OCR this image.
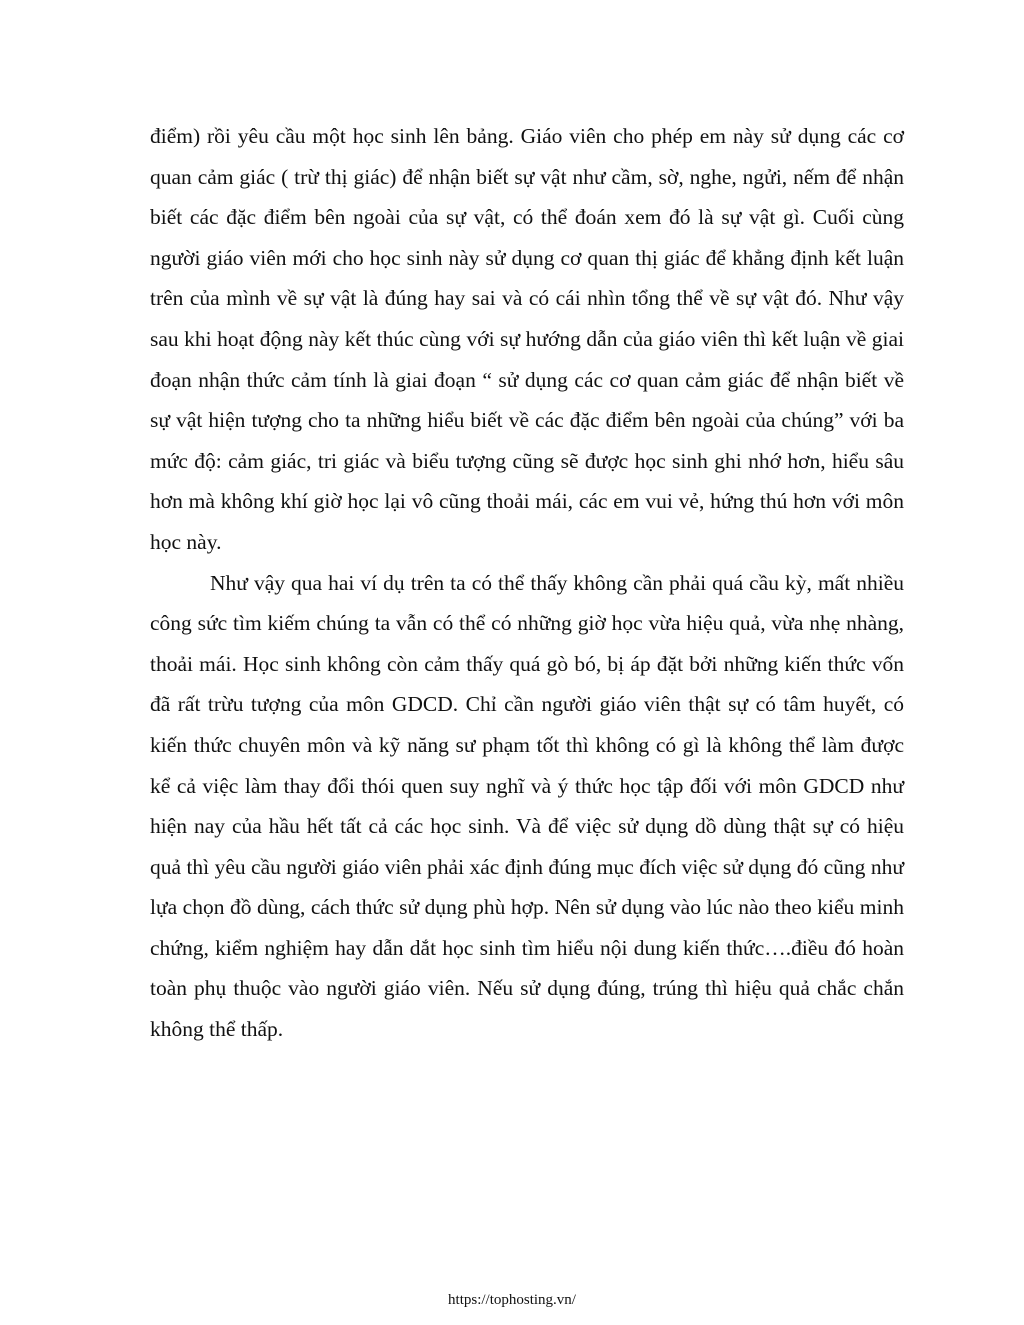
điểm) rồi yêu cầu một học sinh lên bảng. Giáo viên cho phép em này sử dụng các cơ quan cảm giác ( trừ thị giác) để nhận biết sự vật như cầm, sờ, nghe, ngửi, nếm để nhận biết các đặc điểm bên ngoài của sự vật, có thể đoán xem đó là sự vật gì. Cuối cùng người giáo viên mới cho học sinh này sử dụng cơ quan thị giác để khẳng định kết luận trên của mình về sự vật là đúng hay sai và có cái nhìn tổng thể về sự vật đó. Như vậy sau khi hoạt động này kết thúc cùng với sự hướng dẫn của giáo viên thì kết luận về giai đoạn nhận thức cảm tính là giai đoạn “ sử dụng các cơ quan cảm giác để nhận biết về sự vật hiện tượng cho ta những hiểu biết về các đặc điểm bên ngoài của chúng” với ba mức độ: cảm giác, tri giác và biểu tượng cũng sẽ được học sinh ghi nhớ hơn, hiểu sâu hơn mà không khí giờ học lại vô cũng thoải mái, các em vui vẻ, hứng thú hơn với môn học này.

Như vậy qua hai ví dụ trên ta có thể thấy không cần phải quá cầu kỳ, mất nhiều công sức tìm kiếm chúng ta vẫn có thể có những giờ học vừa hiệu quả, vừa nhẹ nhàng, thoải mái. Học sinh không còn cảm thấy quá gò bó, bị áp đặt bởi những kiến thức vốn đã rất trừu tượng của môn GDCD. Chỉ cần người giáo viên thật sự có tâm huyết, có kiến thức chuyên môn và kỹ năng sư phạm tốt thì không có gì là không thể làm được kể cả việc làm thay đổi thói quen suy nghĩ và ý thức học tập đối với môn GDCD như hiện nay của hầu hết tất cả các học sinh. Và để việc sử dụng dồ dùng thật sự có hiệu quả thì yêu cầu người giáo viên phải xác định đúng mục đích việc sử dụng đó cũng như lựa chọn đồ dùng, cách thức sử dụng phù hợp. Nên sử dụng vào lúc nào theo kiểu minh chứng, kiểm nghiệm hay dẫn dắt học sinh tìm hiểu nội dung kiến thức….điều đó hoàn toàn phụ thuộc vào người giáo viên. Nếu sử dụng đúng, trúng thì hiệu quả chắc chắn không thể thấp.

https://tophosting.vn/
